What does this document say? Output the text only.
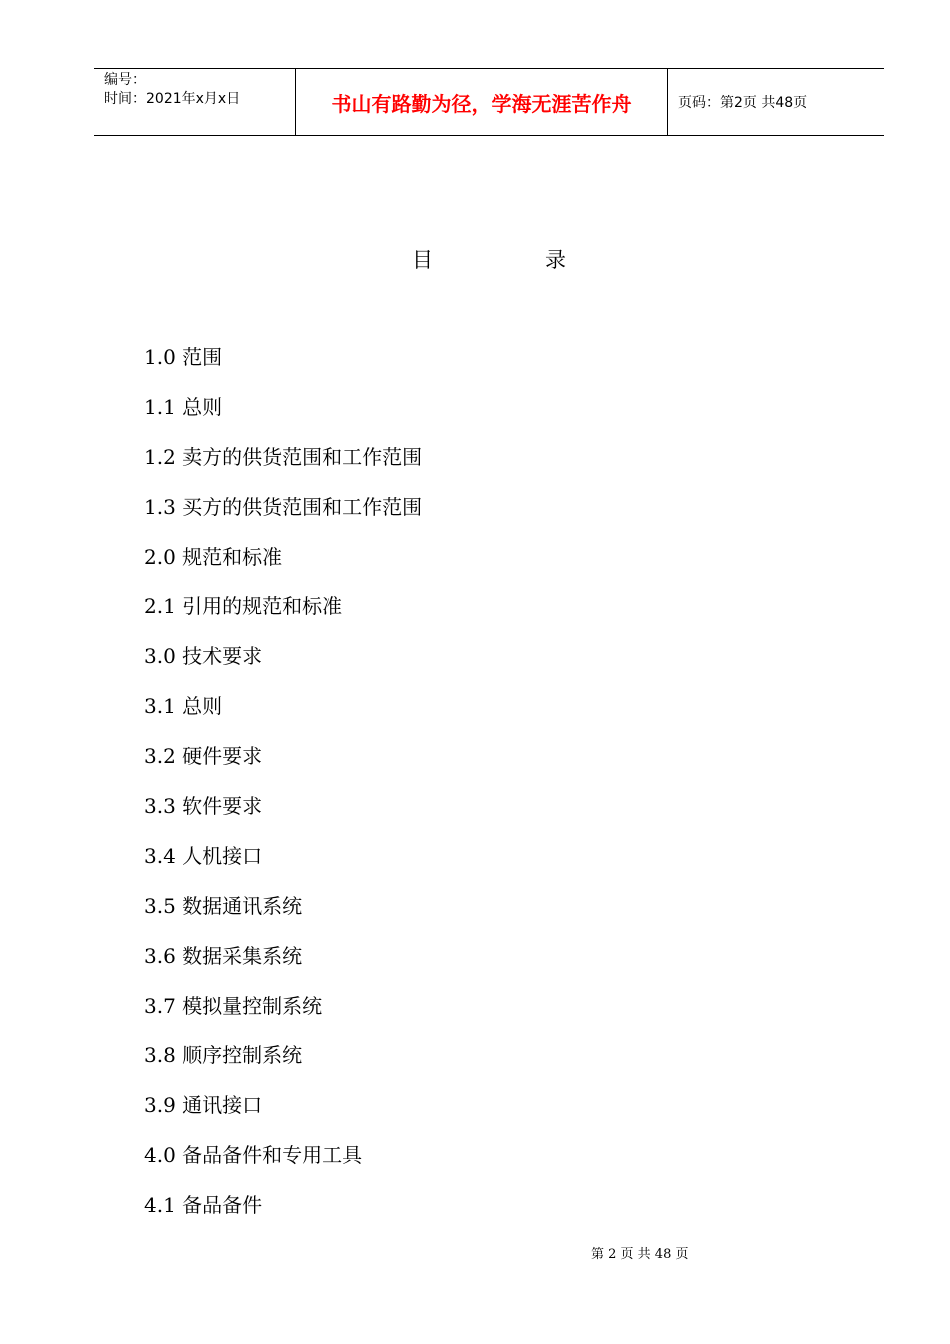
编号：
时间：2021年x月x日	书山有路勤为径，学海无涯苦作舟	页码：第2页 共48页
目	录
1.0 范围
1.1 总则
1.2 卖方的供货范围和工作范围
1.3 买方的供货范围和工作范围
2.0 规范和标准
2.1 引用的规范和标准
3.0 技术要求
3.1 总则
3.2 硬件要求
3.3 软件要求
3.4 人机接口
3.5 数据通讯系统
3.6 数据采集系统
3.7 模拟量控制系统
3.8 顺序控制系统
3.9 通讯接口
4.0 备品备件和专用工具
4.1 备品备件
第 2 页 共 48 页
